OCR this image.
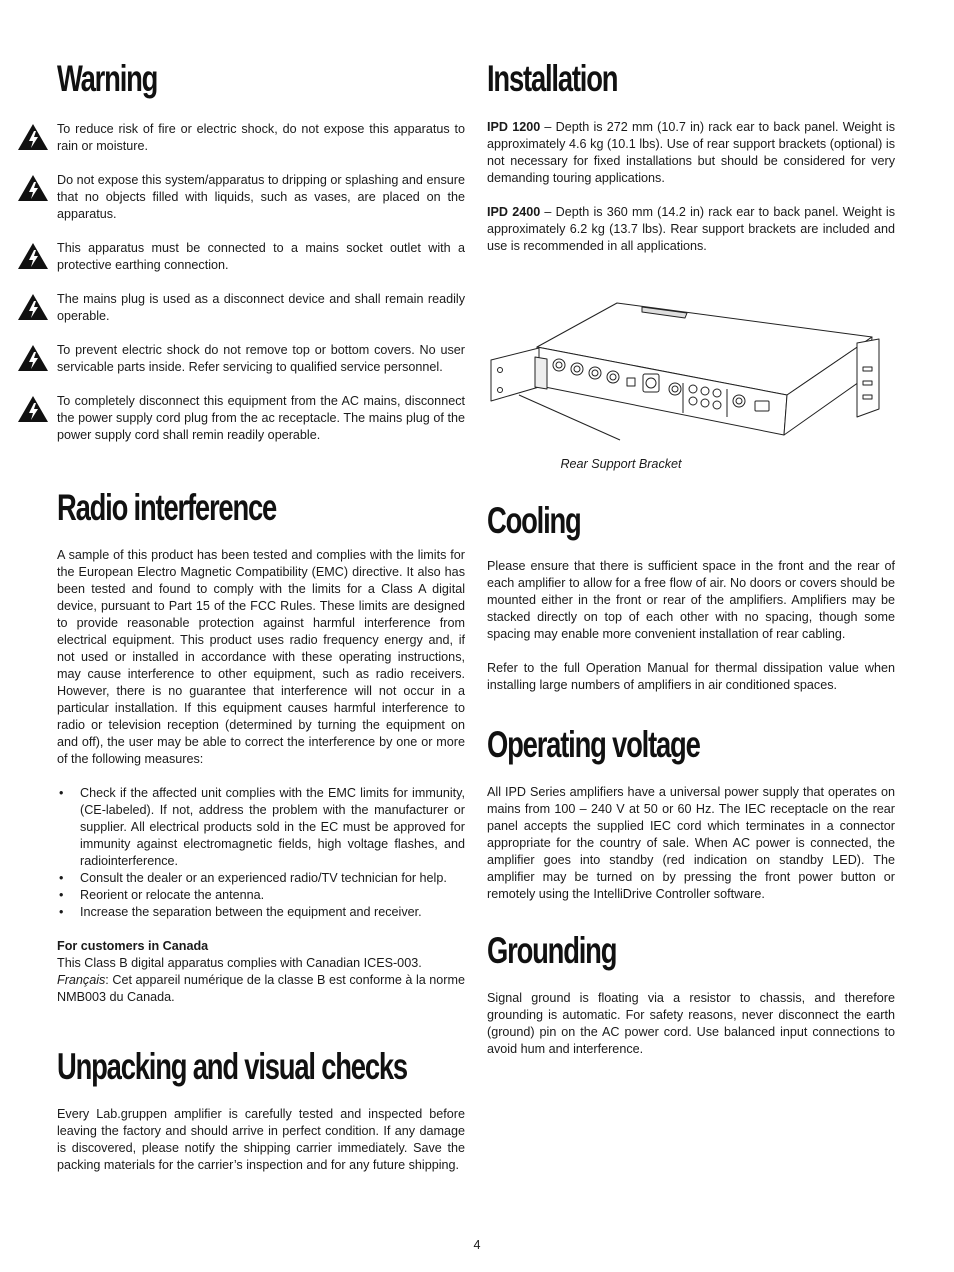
Warning

To reduce risk of fire or electric shock, do not expose this apparatus to rain or moisture.

Do not expose this system/apparatus to dripping or splashing and ensure that no objects filled with liquids, such as vases, are placed on the apparatus.

This apparatus must be connected to a mains socket outlet with a protective earthing connection.

The mains plug is used as a disconnect device and shall remain readily operable.

To prevent electric shock do not remove top or bottom covers. No user servicable parts inside. Refer servicing to qualified service personnel.

To completely disconnect this equipment from the AC mains, disconnect the power supply cord plug from the ac receptacle. The mains plug of the power supply cord shall remin readily operable.

Radio interference

A sample of this product has been tested and complies with the limits for the European Electro Magnetic Compatibility (EMC) directive. It also has been tested and found to comply with the limits for a Class A digital device, pursuant to Part 15 of the FCC Rules. These limits are designed to provide reasonable protection against harmful interference from electrical equipment. This product uses radio frequency energy and, if not used or installed in accordance with these operating instructions, may cause interference to other equipment, such as radio receivers. However, there is no guarantee that interference will not occur in a particular installation. If this equipment causes harmful interference to radio or television reception (determined by turning the equipment on and off), the user may be able to correct the interference by one or more of the following measures:

• Check if the affected unit complies with the EMC limits for immunity, (CE-labeled). If not, address the problem with the manufacturer or supplier. All electrical products sold in the EC must be approved for immunity against electromagnetic fields, high voltage flashes, and radiointerference.
• Consult the dealer or an experienced radio/TV technician for help.
• Reorient or relocate the antenna.
• Increase the separation between the equipment and receiver.

For customers in Canada

This Class B digital apparatus complies with Canadian ICES-003.

Français: Cet appareil numérique de la classe B est conforme à la norme NMB003 du Canada.

Unpacking and visual checks

Every Lab.gruppen amplifier is carefully tested and inspected before leaving the factory and should arrive in perfect condition. If any damage is discovered, please notify the shipping carrier immediately. Save the packing materials for the carrier’s inspection and for any future shipping.

Installation

IPD 1200 – Depth is 272 mm (10.7 in) rack ear to back panel. Weight is approximately 4.6 kg (10.1 lbs). Use of rear support brackets (optional) is not necessary for fixed installations but should be considered for very demanding touring applications.

IPD 2400 – Depth is 360 mm (14.2 in) rack ear to back panel. Weight is approximately 6.2 kg (13.7 lbs). Rear support brackets are included and use is recommended in all applications.

Rear Support Bracket

Cooling

Please ensure that there is sufficient space in the front and the rear of each amplifier to allow for a free flow of air. No doors or covers should be mounted either in the front or rear of the amplifiers. Amplifiers may be stacked directly on top of each other with no spacing, though some spacing may enable more convenient installation of rear cabling.

Refer to the full Operation Manual for thermal dissipation value when installing large numbers of amplifiers in air conditioned spaces.

Operating voltage

All IPD Series amplifiers have a universal power supply that operates on mains from 100 – 240 V at 50 or 60 Hz. The IEC receptacle on the rear panel accepts the supplied IEC cord which terminates in a connector appropriate for the country of sale. When AC power is connected, the amplifier goes into standby (red indication on standby LED). The amplifier may be turned on by pressing the front power button or remotely using the IntelliDrive Controller software.

Grounding

Signal ground is floating via a resistor to chassis, and therefore grounding is automatic. For safety reasons, never disconnect the earth (ground) pin on the AC power cord. Use balanced input connections to avoid hum and interference.

4
